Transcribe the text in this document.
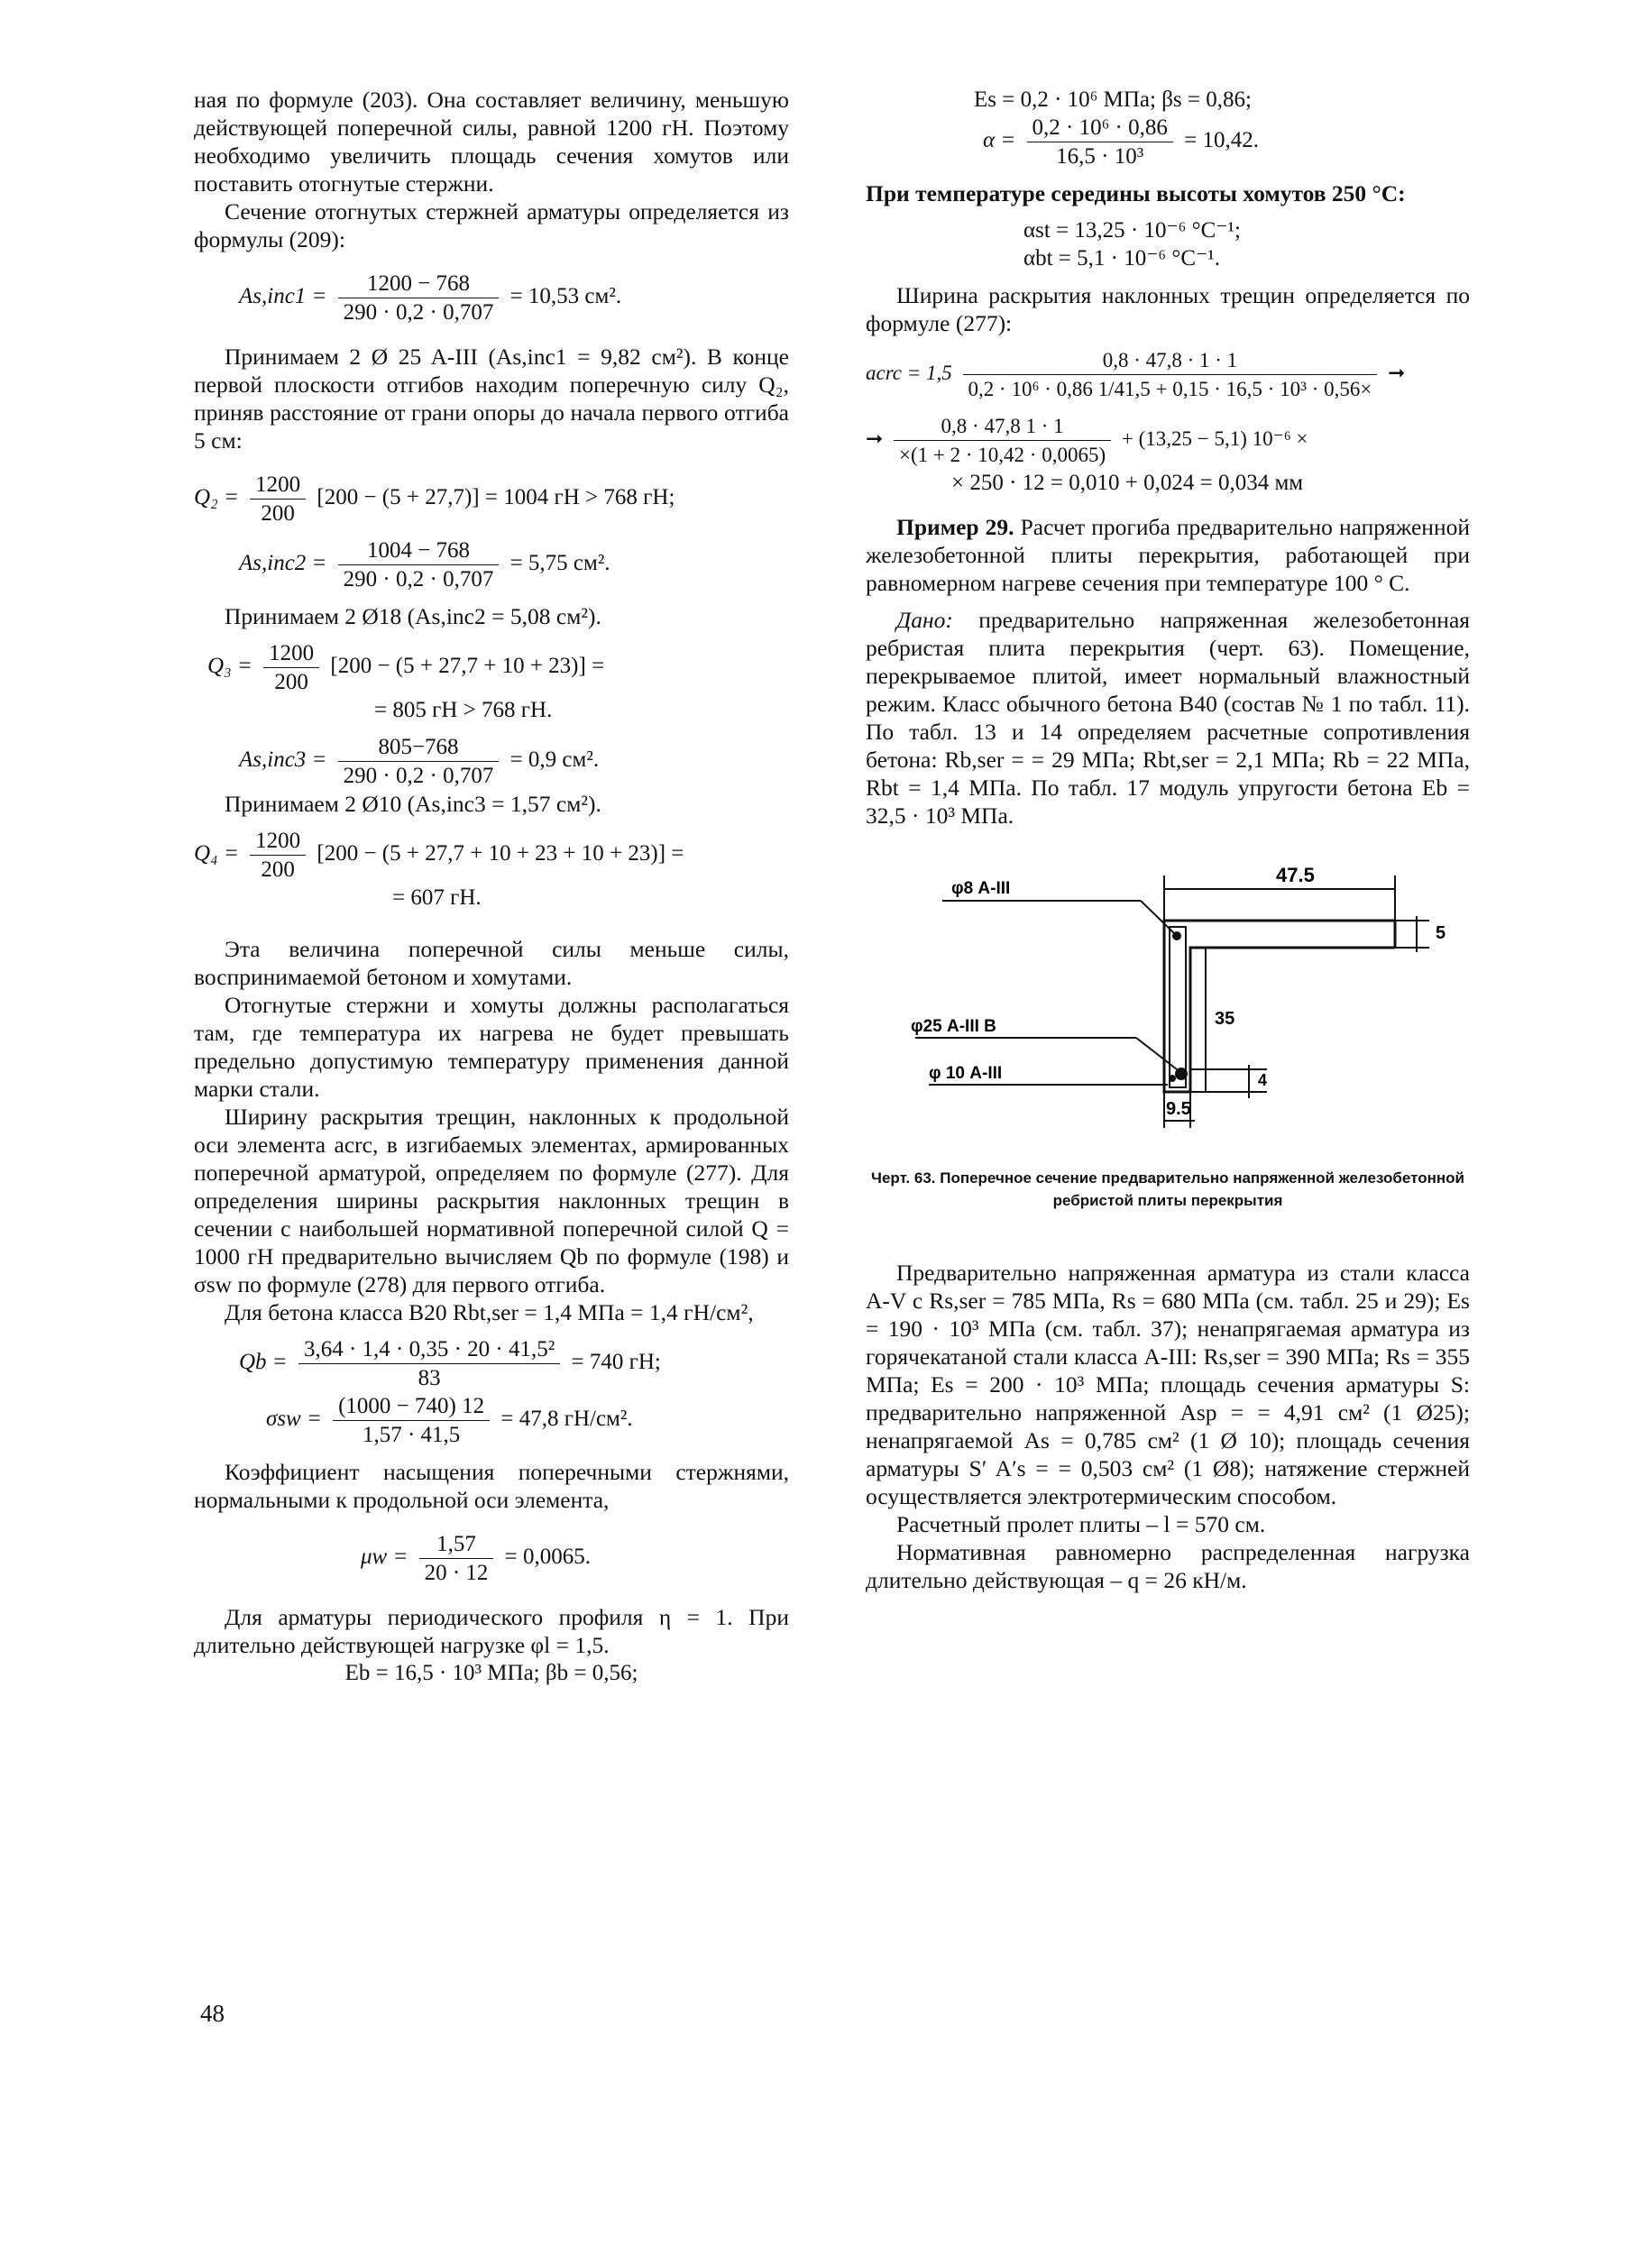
ная по формуле (203). Она составляет величину, меньшую действующей поперечной силы, равной 1200 гН. Поэтому необходимо увеличить площадь сечения хомутов или поставить отогнутые стержни.

Сечение отогнутых стержней арматуры определяется из формулы (209):

$As,inc1 = \frac{1200 - 768}{290 \cdot 0,2 \cdot 0,707} = 10,53$ см².

Принимаем 2 Ø 25 A-III (As,inc1 = 9,82 см²). В конце первой плоскости отгибов находим поперечную силу Q₂, приняв расстояние от грани опоры до начала первого отгиба 5 см:

$Q_2 = \frac{1200}{200} [200 - (5 + 27,7)] = 1004$ гН > 768 гН;
$As,inc2 = \frac{1004 - 768}{290 \cdot 0,2 \cdot 0,707} = 5,75$ см².

Принимаем 2 Ø18 (As,inc2 = 5,08 см²).

$Q_3 = \frac{1200}{200} [200 - (5 + 27,7 + 10 + 23)]$ =
= 805 гН > 768 гН.
$As,inc3 = \frac{805-768}{290 \cdot 0,2 \cdot 0,707} = 0,9$ см².

Принимаем 2 Ø10 (As,inc3 = 1,57 см²).

$Q_4 = \frac{1200}{200} [200 - (5 + 27,7 + 10 + 23 + 10 + 23)]$ =
= 607 гН.

Эта величина поперечной силы меньше силы, воспринимаемой бетоном и хомутами.

Отогнутые стержни и хомуты должны располагаться там, где температура их нагрева не будет превышать предельно допустимую температуру применения данной марки стали.

Ширину раскрытия трещин, наклонных к продольной оси элемента acrc, в изгибаемых элементах, армированных поперечной арматурой, определяем по формуле (277). Для определения ширины раскрытия наклонных трещин в сечении с наибольшей нормативной поперечной силой Q = 1000 гН предварительно вычисляем Qb по формуле (198) и σsw по формуле (278) для первого отгиба.

Для бетона класса B20 Rbt,ser = 1,4 МПа = 1,4 гН/см²,

$Qb = \frac{\text{3,64 · 1,4 · 0,35 · 20 · 41,5²}}{83} = 740$ гН;
$\sigma sw = \frac{(1000 - 740) 12}{1,57 \cdot 41,5} = 47,8$ гН/см².

Коэффициент насыщения поперечными стержнями, нормальными к продольной оси элемента,

$\mu w = \frac{1,57}{20 \cdot 12} = 0,0065$.

Для арматуры периодического профиля η = 1. При длительно действующей нагрузке φl = 1,5.

Eb = 16,5 · 10³ МПа; βb = 0,56;
Es = 0,2 · 10⁶ МПа; βs = 0,86;
$\alpha = \frac{\text{0,2 · 10⁶ · 0,86}}{\text{16,5 · 10³}} = 10,42$.

При температуре середины высоты хомутов 250 °C:

αst = 13,25 · 10⁻⁶ °C⁻¹;
αbt = 5,1 · 10⁻⁶ °C⁻¹.

Ширина раскрытия наклонных трещин определяется по формуле (277):

acrc = $1,5 \frac{0,8 \cdot 47,8 \cdot 1 \cdot 1}{\text{0,2 · 10⁶ · 0,86 1/41,5 + 0,15 · 16,5 · 10³ · 0,56×}}$ ➞
➞ $\frac{0,8 \cdot 47,8 1 \cdot 1}{\times(1 + 2 \cdot 10,42 \cdot 0,0065)} + (13,25 - 5,1) 10^{-6}$ ×
× 250 · 12 = 0,010 + 0,024 = 0,034 мм

Пример 29. Расчет прогиба предварительно напряженной железобетонной плиты перекрытия, работающей при равномерном нагреве сечения при температуре 100 ° C.

Дано: предварительно напряженная железобетонная ребристая плита перекрытия (черт. 63). Помещение, перекрываемое плитой, имеет нормальный влажностный режим. Класс обычного бетона B40 (состав № 1 по табл. 11). По табл. 13 и 14 определяем расчетные сопротивления бетона: Rb,ser = = 29 МПа; Rbt,ser = 2,1 МПа; Rb = 22 МПа, Rbt = 1,4 МПа. По табл. 17 модуль упругости бетона Eb = 32,5 · 10³ МПа.

47.5
5
35
4
9.5
φ8 A-III
φ25 A-III B
φ 10 A-III

Черт. 63. Поперечное сечение предварительно напряженной железобетонной ребристой плиты перекрытия

Предварительно напряженная арматура из стали класса A-V с Rs,ser = 785 МПа, Rs = 680 МПа (см. табл. 25 и 29); Es = 190 · 10³ МПа (см. табл. 37); ненапрягаемая арматура из горячекатаной стали класса A-III: Rs,ser = 390 МПа; Rs = 355 МПа; Es = 200 · 10³ МПа; площадь сечения арматуры S: предварительно напряженной Asp = = 4,91 см² (1 Ø25); ненапрягаемой As = 0,785 см² (1 Ø 10); площадь сечения арматуры S′ A′s = = 0,503 см² (1 Ø8); натяжение стержней осуществляется электротермическим способом.

Расчетный пролет плиты – l = 570 см.

Нормативная равномерно распределенная нагрузка длительно действующая – q = 26 кН/м.

48
